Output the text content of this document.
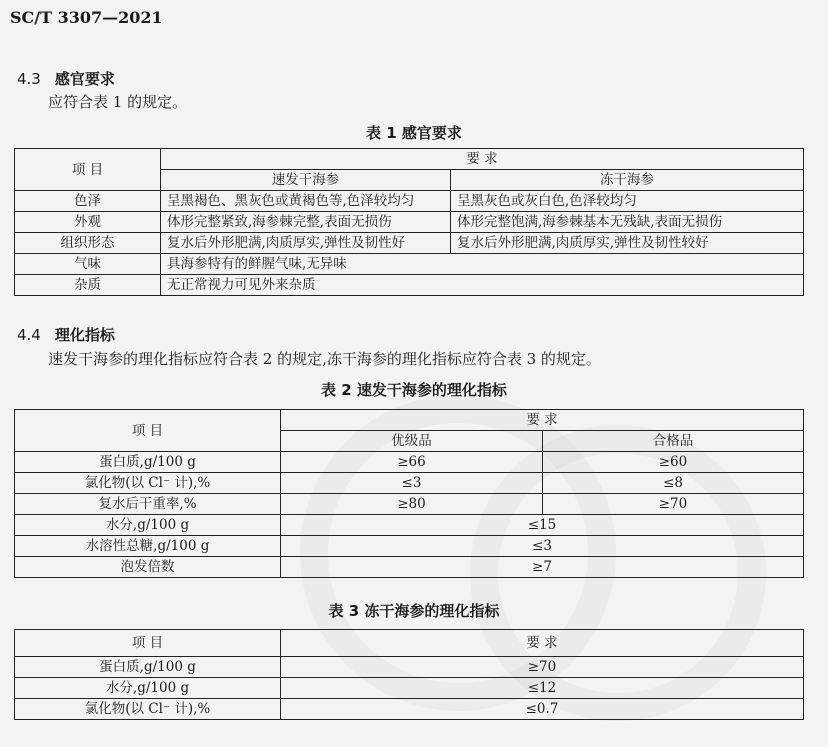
SC/T 3307—2021
4.3 感官要求
应符合表 1 的规定。
表 1 感官要求
项 目	要 求	
	速发干海参	冻干海参
色泽	呈黑褐色、黑灰色或黄褐色等,色泽较均匀	呈黑灰色或灰白色,色泽较均匀
外观	体形完整紧致,海参棘完整,表面无损伤	体形完整饱满,海参棘基本无残缺,表面无损伤
组织形态	复水后外形肥满,肉质厚实,弹性及韧性好	复水后外形肥满,肉质厚实,弹性及韧性较好
气味	具海参特有的鲜腥气味,无异味	
杂质	无正常视力可见外来杂质	
4.4 理化指标
速发干海参的理化指标应符合表 2 的规定,冻干海参的理化指标应符合表 3 的规定。
表 2 速发干海参的理化指标
项 目	要 求	
	优级品	合格品
蛋白质,g/100 g	≥66	≥60
氯化物(以 Cl⁻ 计),%	≤3	≤8
复水后干重率,%	≥80	≥70
水分,g/100 g	≤15	
水溶性总糖,g/100 g	≤3	
泡发倍数	≥7	
表 3 冻干海参的理化指标
项 目	要 求
蛋白质,g/100 g	≥70
水分,g/100 g	≤12
氯化物(以 Cl⁻ 计),%	≤0.7
